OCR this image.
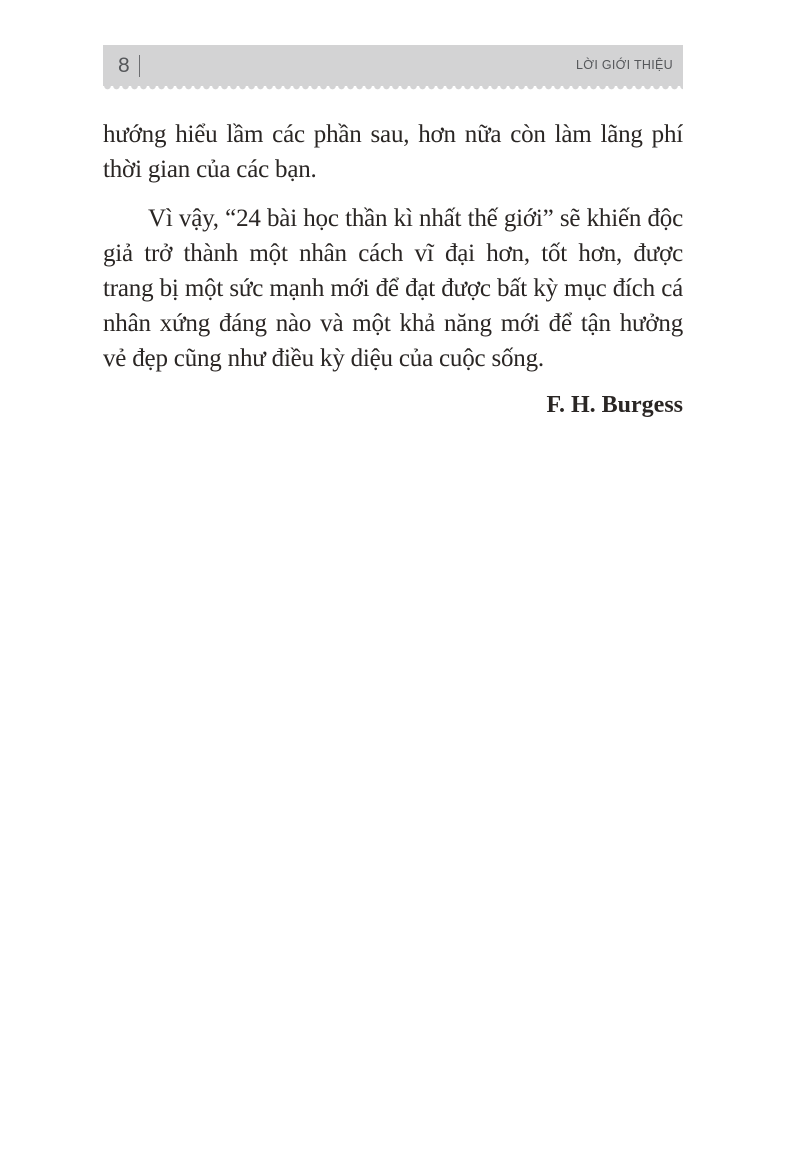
8	LỜI GIỚI THIỆU

hướng hiểu lầm các phần sau, hơn nữa còn làm lãng phí
thời gian của các bạn.

Vì vậy, “24 bài học thần kì nhất thế giới” sẽ khiến độc
giả trở thành một nhân cách vĩ đại hơn, tốt hơn, được
trang bị một sức mạnh mới để đạt được bất kỳ mục đích cá
nhân xứng đáng nào và một khả năng mới để tận hưởng
vẻ đẹp cũng như điều kỳ diệu của cuộc sống.

F. H. Burgess
